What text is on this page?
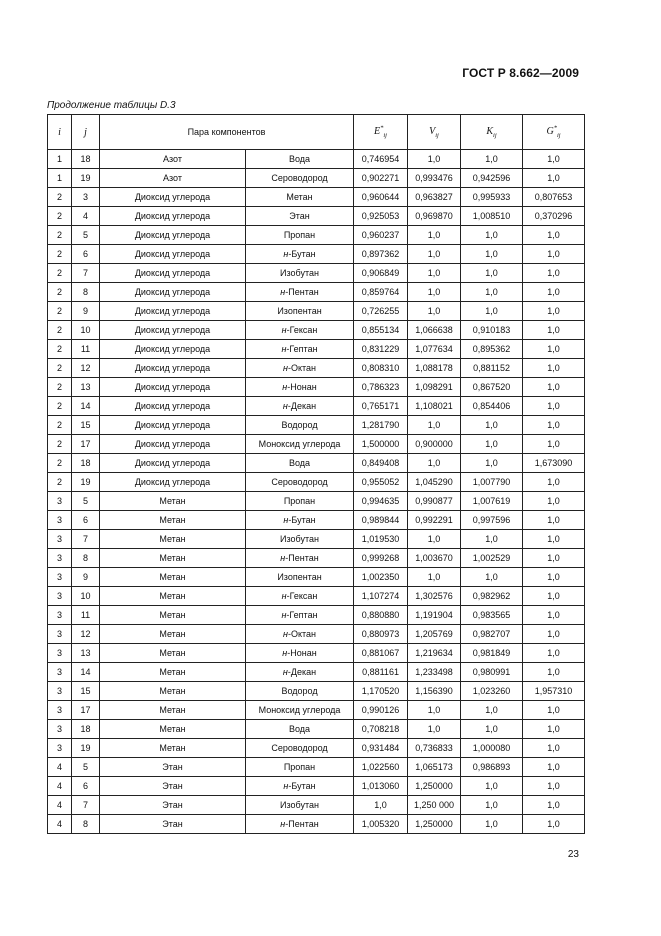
ГОСТ Р 8.662—2009
Продолжение таблицы D.3
i	j	Пара компонентов		$E^*_{ij}$	$V_{ij}$	$K_{ij}$	$G^*_{ij}$
1	18	Азот	Вода	0,746954	1,0	1,0	1,0
1	19	Азот	Сероводород	0,902271	0,993476	0,942596	1,0
2	3	Диоксид углерода	Метан	0,960644	0,963827	0,995933	0,807653
2	4	Диоксид углерода	Этан	0,925053	0,969870	1,008510	0,370296
2	5	Диоксид углерода	Пропан	0,960237	1,0	1,0	1,0
2	6	Диоксид углерода	н-Бутан	0,897362	1,0	1,0	1,0
2	7	Диоксид углерода	Изобутан	0,906849	1,0	1,0	1,0
2	8	Диоксид углерода	н-Пентан	0,859764	1,0	1,0	1,0
2	9	Диоксид углерода	Изопентан	0,726255	1,0	1,0	1,0
2	10	Диоксид углерода	н-Гексан	0,855134	1,066638	0,910183	1,0
2	11	Диоксид углерода	н-Гептан	0,831229	1,077634	0,895362	1,0
2	12	Диоксид углерода	н-Октан	0,808310	1,088178	0,881152	1,0
2	13	Диоксид углерода	н-Нонан	0,786323	1,098291	0,867520	1,0
2	14	Диоксид углерода	н-Декан	0,765171	1,108021	0,854406	1,0
2	15	Диоксид углерода	Водород	1,281790	1,0	1,0	1,0
2	17	Диоксид углерода	Моноксид углерода	1,500000	0,900000	1,0	1,0
2	18	Диоксид углерода	Вода	0,849408	1,0	1,0	1,673090
2	19	Диоксид углерода	Сероводород	0,955052	1,045290	1,007790	1,0
3	5	Метан	Пропан	0,994635	0,990877	1,007619	1,0
3	6	Метан	н-Бутан	0,989844	0,992291	0,997596	1,0
3	7	Метан	Изобутан	1,019530	1,0	1,0	1,0
3	8	Метан	н-Пентан	0,999268	1,003670	1,002529	1,0
3	9	Метан	Изопентан	1,002350	1,0	1,0	1,0
3	10	Метан	н-Гексан	1,107274	1,302576	0,982962	1,0
3	11	Метан	н-Гептан	0,880880	1,191904	0,983565	1,0
3	12	Метан	н-Октан	0,880973	1,205769	0,982707	1,0
3	13	Метан	н-Нонан	0,881067	1,219634	0,981849	1,0
3	14	Метан	н-Декан	0,881161	1,233498	0,980991	1,0
3	15	Метан	Водород	1,170520	1,156390	1,023260	1,957310
3	17	Метан	Моноксид углерода	0,990126	1,0	1,0	1,0
3	18	Метан	Вода	0,708218	1,0	1,0	1,0
3	19	Метан	Сероводород	0,931484	0,736833	1,000080	1,0
4	5	Этан	Пропан	1,022560	1,065173	0,986893	1,0
4	6	Этан	н-Бутан	1,013060	1,250000	1,0	1,0
4	7	Этан	Изобутан	1,0	1,250 000	1,0	1,0
4	8	Этан	н-Пентан	1,005320	1,250000	1,0	1,0
23
